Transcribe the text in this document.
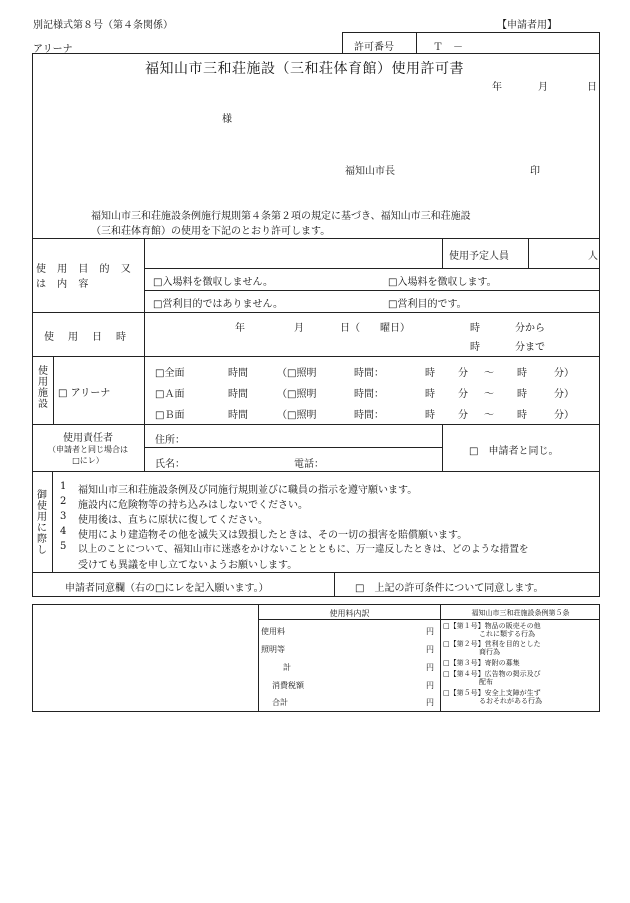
別記様式第８号（第４条関係）	【申請者用】
アリーナ	許可番号	Ｔ　－
福知山市三和荘施設（三和荘体育館）使用許可書
年	月	日
様
福知山市長	印
福知山市三和荘施設条例施行規則第４条第２項の規定に基づき、福知山市三和荘施設
（三和荘体育館）の使用を下記のとおり許可します。
使 用 目 的 又 は 内 容
使用予定人員	人
□入場料を徴収しません。	□入場料を徴収します。
□営利目的ではありません。	□営利目的です。
使　用　日　時
年	月	日（　　曜日）	時	分から
時	分まで
使用施設
□ アリーナ
□全面	時間	（□照明	時間：	時 分 ～ 時	分）
□Ａ面	時間	（□照明	時間：	時 分 ～ 時	分）
□Ｂ面	時間	（□照明	時間：	時 分 ～ 時	分）
使用責任者
（申請者と同じ場合は
□にレ）
住所：
氏名：	電話：
□　申請者と同じ。
御使用に際し
1 福知山市三和荘施設条例及び同施行規則並びに職員の指示を遵守願います。
2 施設内に危険物等の持ち込みはしないでください。
3 使用後は、直ちに原状に復してください。
4 使用により建造物その他を滅失又は毀損したときは、その一切の損害を賠償願います。
5 以上のことについて、福知山市に迷惑をかけないこととともに、万一違反したときは、どのような措置を
受けても異議を申し立てないようお願いします。
申請者同意欄（右の□にレを記入願います。）	□　上記の許可条件について同意します。
使用料内訳
使用料	円
照明等	円
計	円
消費税額	円
合計	円
福知山市三和荘施設条例第５条
□【第１号】物品の販売その他
これに類する行為
□【第２号】営利を目的とした
商行為
□【第３号】寄附の募集
□【第４号】広告物の掲示及び
配布
□【第５号】安全上支障が生ず
るおそれがある行為
